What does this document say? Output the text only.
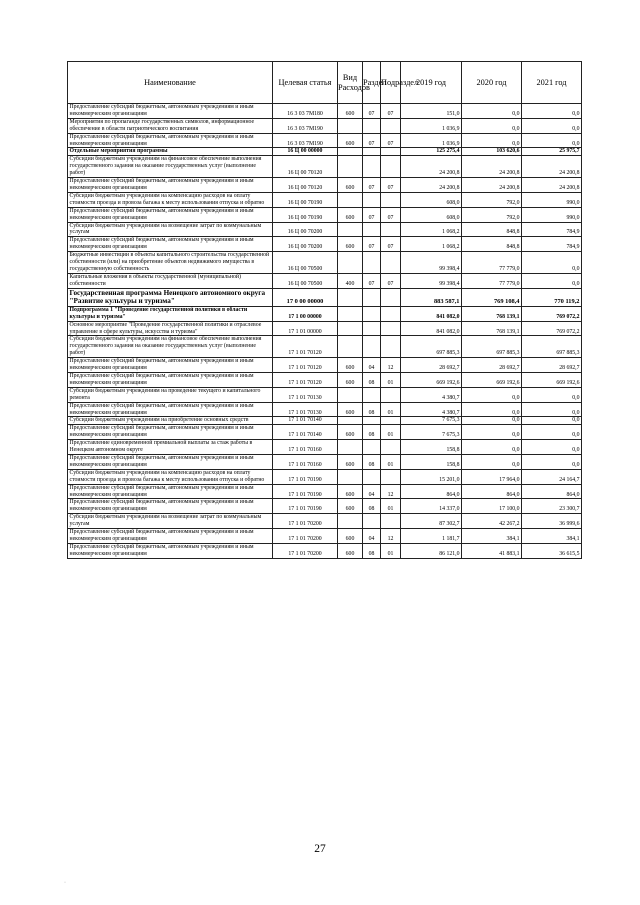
Наименование	Целевая статья	Вид Расходов	Раздел	Подраздел	2019 год	2020 год	2021 год
Предоставление субсидий бюджетным, автономным учреждениям и иным некоммерческим организациям	16 3 03 7M180	600	07	07	151,0	0,0	0,0
Мероприятия по пропаганде государственных символов, информационное обеспечение в области патриотического воспитания	16 3 03 7M190				1 036,9	0,0	0,0
Предоставление субсидий бюджетным, автономным учреждениям и иным некоммерческим организациям	16 3 03 7M190	600	07	07	1 036,9	0,0	0,0
Отдельные мероприятия программы	16 Ц 00 00000				125 275,4	103 620,6	25 975,7
Субсидии бюджетным учреждениям на финансовое обеспечение выполнения государственного задания на оказание государственных услуг (выполнение работ)	16 Ц 00 70120				24 200,8	24 200,8	24 200,8
Предоставление субсидий бюджетным, автономным учреждениям и иным некоммерческим организациям	16 Ц 00 70120	600	07	07	24 200,8	24 200,8	24 200,8
Субсидии бюджетным учреждениям на компенсацию расходов на оплату стоимости проезда и провоза багажа к месту использования отпуска и обратно	16 Ц 00 70190				608,0	792,0	990,0
Предоставление субсидий бюджетным, автономным учреждениям и иным некоммерческим организациям	16 Ц 00 70190	600	07	07	608,0	792,0	990,0
Субсидии бюджетным учреждениям на возмещение затрат по коммунальным услугам	16 Ц 00 70200				1 068,2	848,8	784,9
Предоставление субсидий бюджетным, автономным учреждениям и иным некоммерческим организациям	16 Ц 00 70200	600	07	07	1 068,2	848,8	784,9
Бюджетные инвестиции в объекты капитального строительства государственной собственности (или) на приобретение объектов недвижимого имущества в государственную собственность	16 Ц 00 70500				99 398,4	77 779,0	0,0
Капитальные вложения в объекты государственной (муниципальной) собственности	16 Ц 00 70500	400	07	07	99 398,4	77 779,0	0,0
Государственная программа Ненецкого автономного округа "Развитие культуры и туризма"	17 0 00 00000				883 587,1	769 108,4	770 119,2
Подпрограмма 1 "Проведение государственной политики в области культуры и туризма"	17 1 00 00000				841 082,0	768 139,1	769 072,2
Основное мероприятие "Проведение государственной политики и отраслевое управление в сфере культуры, искусства и туризма"	17 1 01 00000				841 082,0	768 139,1	769 072,2
Субсидии бюджетным учреждениям на финансовое обеспечение выполнения государственного задания на оказание государственных услуг (выполнение работ)	17 1 01 70120				697 885,3	697 885,3	697 885,3
Предоставление субсидий бюджетным, автономным учреждениям и иным некоммерческим организациям	17 1 01 70120	600	04	12	28 692,7	28 692,7	28 692,7
Предоставление субсидий бюджетным, автономным учреждениям и иным некоммерческим организациям	17 1 01 70120	600	08	01	669 192,6	669 192,6	669 192,6
Субсидии бюджетным учреждениям на проведение текущего и капитального ремонта	17 1 01 70130				4 380,7	0,0	0,0
Предоставление субсидий бюджетным, автономным учреждениям и иным некоммерческим организациям	17 1 01 70130	600	08	01	4 380,7	0,0	0,0
Субсидии бюджетным учреждениям на приобретение основных средств	17 1 01 70140				7 675,3	0,0	0,0
Предоставление субсидий бюджетным, автономным учреждениям и иным некоммерческим организациям	17 1 01 70140	600	08	01	7 675,3	0,0	0,0
Предоставление единовременной премиальной выплаты за стаж работы в Ненецком автономном округе	17 1 01 70160				158,8	0,0	0,0
Предоставление субсидий бюджетным, автономным учреждениям и иным некоммерческим организациям	17 1 01 70160	600	08	01	158,8	0,0	0,0
Субсидии бюджетным учреждениям на компенсацию расходов на оплату стоимости проезда и провоза багажа к месту использования отпуска и обратно	17 1 01 70190				15 201,0	17 964,0	24 164,7
Предоставление субсидий бюджетным, автономным учреждениям и иным некоммерческим организациям	17 1 01 70190	600	04	12	864,0	864,0	864,0
Предоставление субсидий бюджетным, автономным учреждениям и иным некоммерческим организациям	17 1 01 70190	600	08	01	14 337,0	17 100,0	23 300,7
Субсидии бюджетным учреждениям на возмещение затрат по коммунальным услугам	17 1 01 70200				87 302,7	42 267,2	36 999,6
Предоставление субсидий бюджетным, автономным учреждениям и иным некоммерческим организациям	17 1 01 70200	600	04	12	1 181,7	384,1	384,1
Предоставление субсидий бюджетным, автономным учреждениям и иным некоммерческим организациям	17 1 01 70200	600	08	01	86 121,0	41 883,1	36 615,5
27
·
